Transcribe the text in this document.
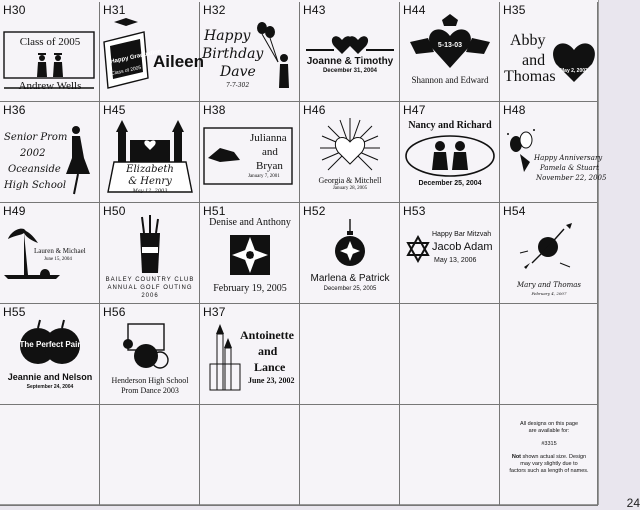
H30
Class of 2005
Andrew Wells
H31
Happy Graduation
Class of 2005 Aileen
H32
Happy
Birthday
Dave
7-7-302
H43
Joanne & Timothy
December 31, 2004
H44
5-13-03
Shannon and Edward
H35
Abby
and
Thomas May 2, 2003
H36
Senior Prom
2002
Oceanside
High School
H45
Elizabeth
& Henry
May 12, 2003
H38
Julianna
and
Bryan
January 7, 2001
H46
Georgia & Mitchell
January 28, 2005
H47
Nancy and Richard
December 25, 2004
H48
Happy Anniversary
Pamela & Stuart
November 22, 2005
H49
Lauren & Michael
June 15, 2004
H50
BAILEY COUNTRY CLUB
ANNUAL GOLF OUTING
2006
H51
Denise and Anthony
February 19, 2005
H52
Marlena & Patrick
December 25, 2005
H53
Happy Bar Mitzvah
Jacob Adam
May 13, 2006
H54
Mary and Thomas
February 4, 2007
H55
The Perfect Pair
Jeannie and Nelson
September 24, 2004
H56
Henderson High School
Prom Dance 2003
H37
Antoinette
and
Lance
June 23, 2002
All designs on this page
are available for:
#3315
Not shown actual size. Design
may vary slightly due to
factors such as length of names.
24
